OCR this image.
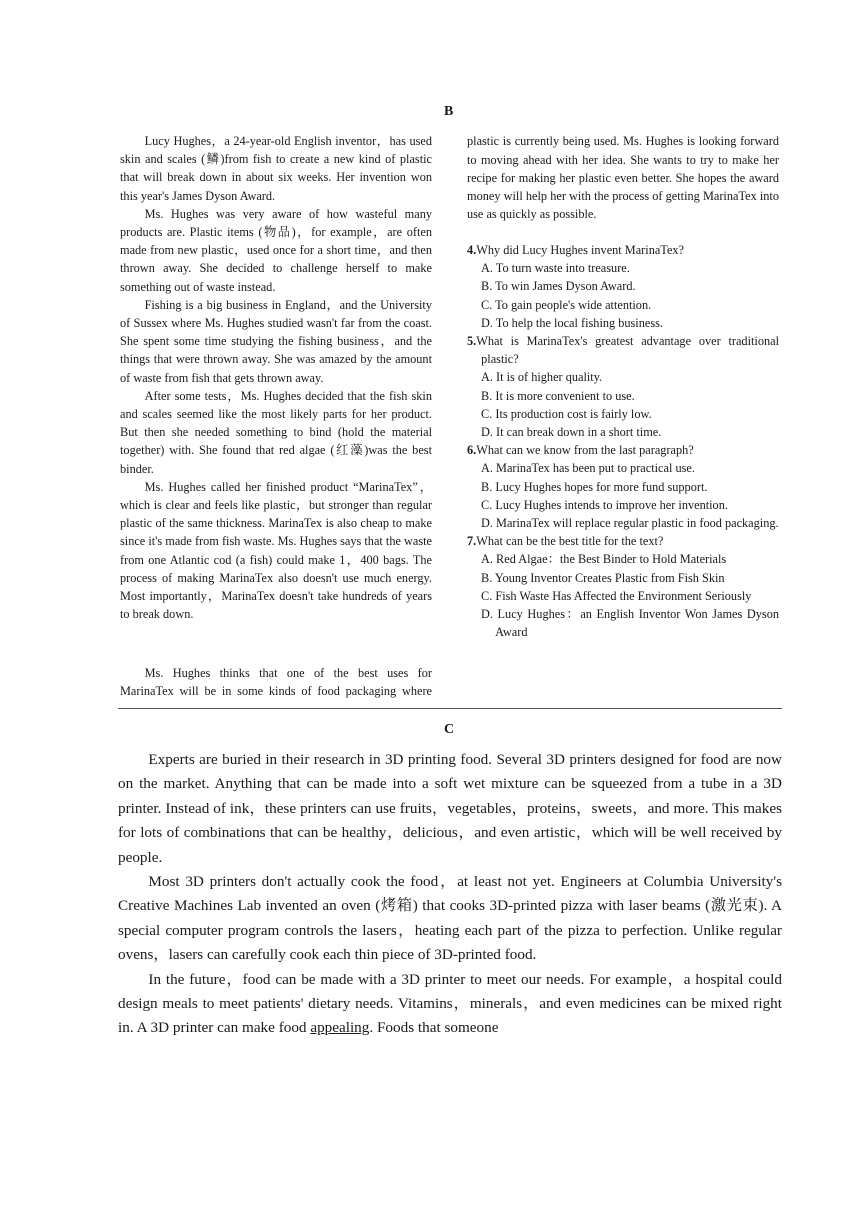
B

Lucy Hughes，a 24-year-old English inventor，has used skin and scales (鳞)from fish to create a new kind of plastic that will break down in about six weeks. Her invention won this year's James Dyson Award.

Ms. Hughes was very aware of how wasteful many products are. Plastic items (物品)，for example，are often made from new plastic，used once for a short time，and then thrown away. She decided to challenge herself to make something out of waste instead.

Fishing is a big business in England，and the University of Sussex where Ms. Hughes studied wasn't far from the coast. She spent some time studying the fishing business，and the things that were thrown away. She was amazed by the amount of waste from fish that gets thrown away.

After some tests，Ms. Hughes decided that the fish skin and scales seemed like the most likely parts for her product. But then she needed something to bind (hold the material together) with. She found that red algae (红藻)was the best binder.

Ms. Hughes called her finished product “MarinaTex”，which is clear and feels like plastic，but stronger than regular plastic of the same thickness. MarinaTex is also cheap to make since it's made from fish waste. Ms. Hughes says that the waste from one Atlantic cod (a fish) could make 1，400 bags. The process of making MarinaTex also doesn't use much energy. Most importantly，MarinaTex doesn't take hundreds of years to break down.

Ms. Hughes thinks that one of the best uses for MarinaTex will be in some kinds of food packaging where

plastic is currently being used. Ms. Hughes is looking forward to moving ahead with her idea. She wants to try to make her recipe for making her plastic even better. She hopes the award money will help her with the process of getting MarinaTex into use as quickly as possible.

4.Why did Lucy Hughes invent MarinaTex?
A. To turn waste into treasure.
B. To win James Dyson Award.
C. To gain people's wide attention.
D. To help the local fishing business.
5.What is MarinaTex's greatest advantage over traditional plastic?
A. It is of higher quality.
B. It is more convenient to use.
C. Its production cost is fairly low.
D. It can break down in a short time.
6.What can we know from the last paragraph?
A. MarinaTex has been put to practical use.
B. Lucy Hughes hopes for more fund support.
C. Lucy Hughes intends to improve her invention.
D. MarinaTex will replace regular plastic in food packaging.
7.What can be the best title for the text?
A. Red Algae：the Best Binder to Hold Materials
B. Young Inventor Creates Plastic from Fish Skin
C. Fish Waste Has Affected the Environment Seriously
D. Lucy Hughes：an English Inventor Won James Dyson Award
C

Experts are buried in their research in 3D printing food. Several 3D printers designed for food are now on the market. Anything that can be made into a soft wet mixture can be squeezed from a tube in a 3D printer. Instead of ink，these printers can use fruits，vegetables，proteins，sweets，and more. This makes for lots of combinations that can be healthy，delicious，and even artistic，which will be well received by people.

Most 3D printers don't actually cook the food，at least not yet. Engineers at Columbia University's Creative Machines Lab invented an oven (烤箱) that cooks 3D-printed pizza with laser beams (激光束). A special computer program controls the lasers，heating each part of the pizza to perfection. Unlike regular ovens，lasers can carefully cook each thin piece of 3D-printed food.

In the future，food can be made with a 3D printer to meet our needs. For example，a hospital could design meals to meet patients' dietary needs. Vitamins，minerals，and even medicines can be mixed right in. A 3D printer can make food appealing. Foods that someone
